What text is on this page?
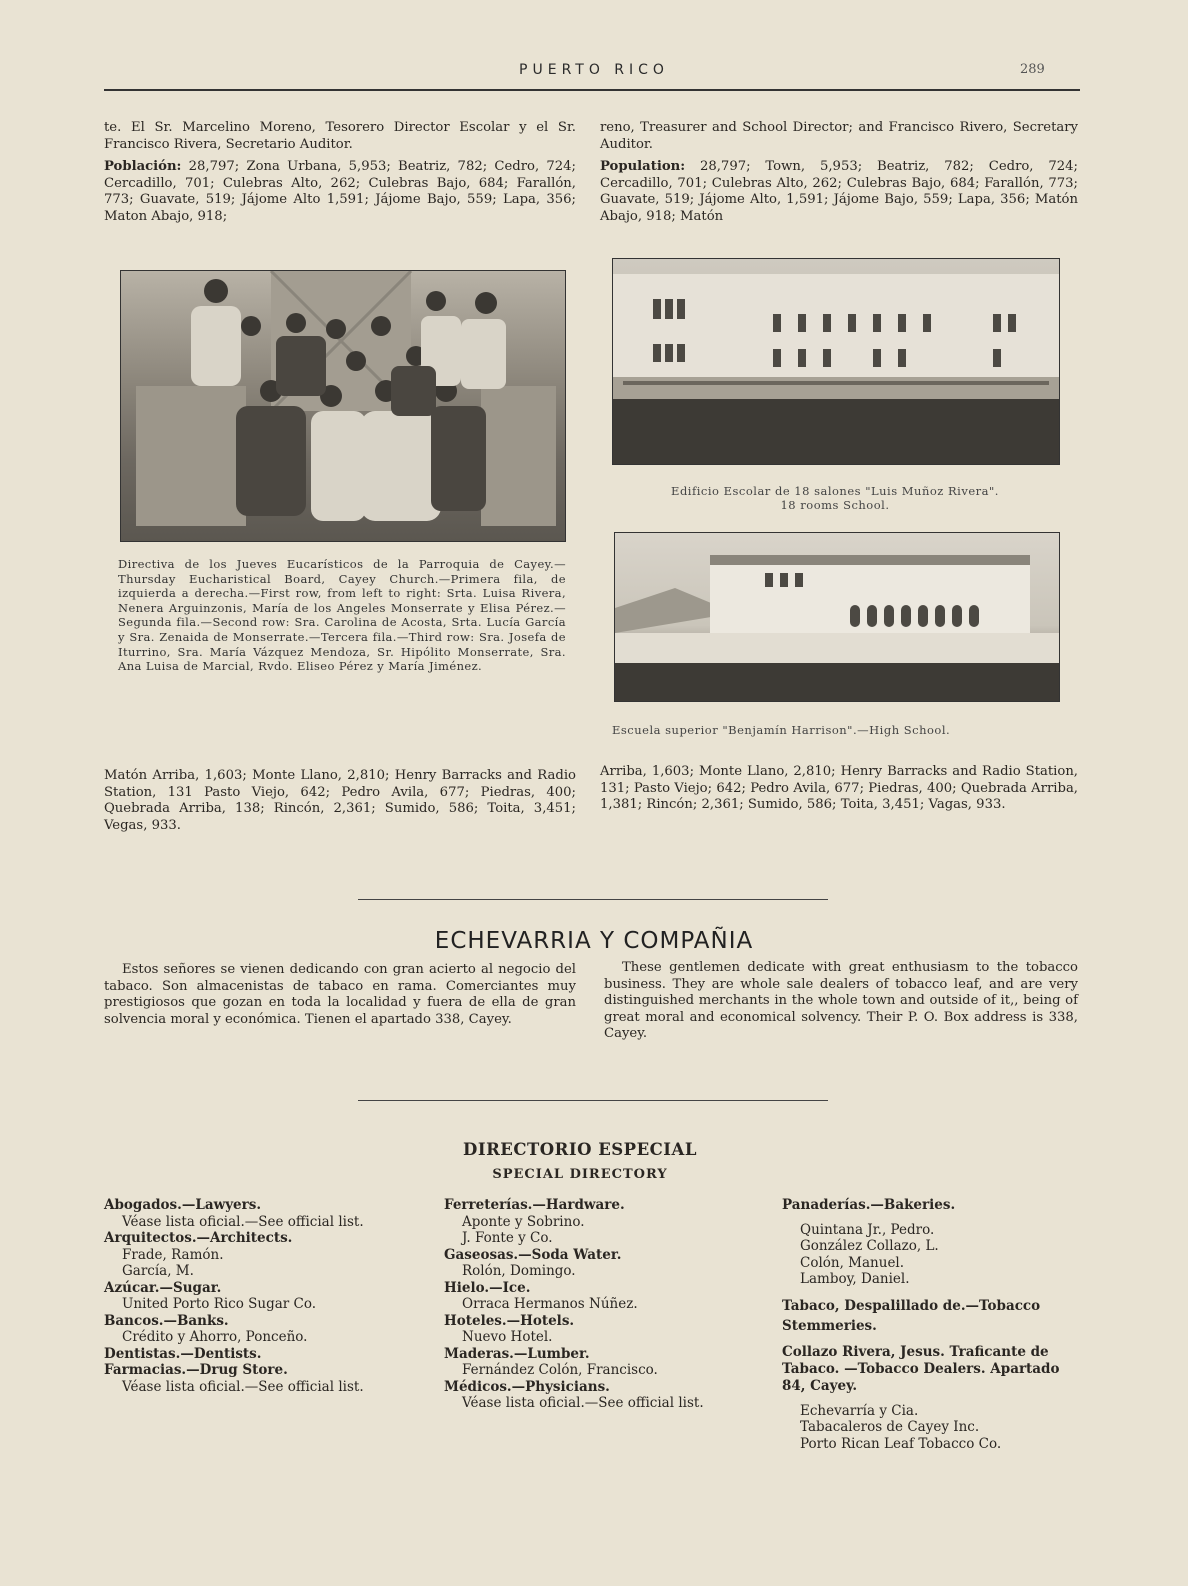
PUERTO RICO	289

te. El Sr. Marcelino Moreno, Tesorero Director Escolar y el Sr. Francisco Rivera, Secretario Auditor.

Población: 28,797; Zona Urbana, 5,953; Beatriz, 782; Cedro, 724; Cercadillo, 701; Culebras Alto, 262; Culebras Bajo, 684; Farallón, 773; Guavate, 519; Jájome Alto 1,591; Jájome Bajo, 559; Lapa, 356; Maton Abajo, 918;

reno, Treasurer and School Director; and Francisco Rivero, Secretary Auditor.

Population: 28,797; Town, 5,953; Beatriz, 782; Cedro, 724; Cercadillo, 701; Culebras Alto, 262; Culebras Bajo, 684; Farallón, 773; Guavate, 519; Jájome Alto, 1,591; Jájome Bajo, 559; Lapa, 356; Matón Abajo, 918; Matón

Directiva de los Jueves Eucarísticos de la Parroquia de Cayey.—Thursday Eucharistical Board, Cayey Church.—Primera fila, de izquierda a derecha.—First row, from left to right: Srta. Luisa Rivera, Nenera Arguinzonis, María de los Angeles Monserrate y Elisa Pérez.—Segunda fila.—Second row: Sra. Carolina de Acosta, Srta. Lucía García y Sra. Zenaida de Monserrate.—Tercera fila.—Third row: Sra. Josefa de Iturrino, Sra. María Vázquez Mendoza, Sr. Hipólito Monserrate, Sra. Ana Luisa de Marcial, Rvdo. Eliseo Pérez y María Jiménez.
Edificio Escolar de 18 salones "Luis Muñoz Rivera".
18 rooms School.
Escuela superior "Benjamín Harrison".—High School.
Matón Arriba, 1,603; Monte Llano, 2,810; Henry Barracks and Radio Station, 131 Pasto Viejo, 642; Pedro Avila, 677; Piedras, 400; Quebrada Arriba, 138; Rincón, 2,361; Sumido, 586; Toita, 3,451; Vegas, 933.
Arriba, 1,603; Monte Llano, 2,810; Henry Barracks and Radio Station, 131; Pasto Viejo; 642; Pedro Avila, 677; Piedras, 400; Quebrada Arriba, 1,381; Rincón; 2,361; Sumido, 586; Toita, 3,451; Vagas, 933.
ECHEVARRIA Y COMPAÑIA
Estos señores se vienen dedicando con gran acierto al negocio del tabaco. Son almacenistas de tabaco en rama. Comerciantes muy prestigiosos que gozan en toda la localidad y fuera de ella de gran solvencia moral y económica. Tienen el apartado 338, Cayey.
These gentlemen dedicate with great enthusiasm to the tobacco business. They are whole sale dealers of tobacco leaf, and are very distinguished merchants in the whole town and outside of it,, being of great moral and economical solvency. Their P. O. Box address is 338, Cayey.
DIRECTORIO ESPECIAL
SPECIAL DIRECTORY
Abogados.—Lawyers.
Véase lista oficial.—See official list.
Arquitectos.—Architects.
Frade, Ramón.
García, M.
Azúcar.—Sugar.
United Porto Rico Sugar Co.
Bancos.—Banks.
Crédito y Ahorro, Ponceño.
Dentistas.—Dentists.
Farmacias.—Drug Store.
Véase lista oficial.—See official list.
Ferreterías.—Hardware.
Aponte y Sobrino.
J. Fonte y Co.
Gaseosas.—Soda Water.
Rolón, Domingo.
Hielo.—Ice.
Orraca Hermanos Núñez.
Hoteles.—Hotels.
Nuevo Hotel.
Maderas.—Lumber.
Fernández Colón, Francisco.
Médicos.—Physicians.
Véase lista oficial.—See official list.
Panaderías.—Bakeries.
Quintana Jr., Pedro.
González Collazo, L.
Colón, Manuel.
Lamboy, Daniel.
Tabaco, Despalillado de.—Tobacco Stemmeries.
Collazo Rivera, Jesus. Traficante de Tabaco. —Tobacco Dealers. Apartado 84, Cayey.
Echevarría y Cia.
Tabacaleros de Cayey Inc.
Porto Rican Leaf Tobacco Co.
